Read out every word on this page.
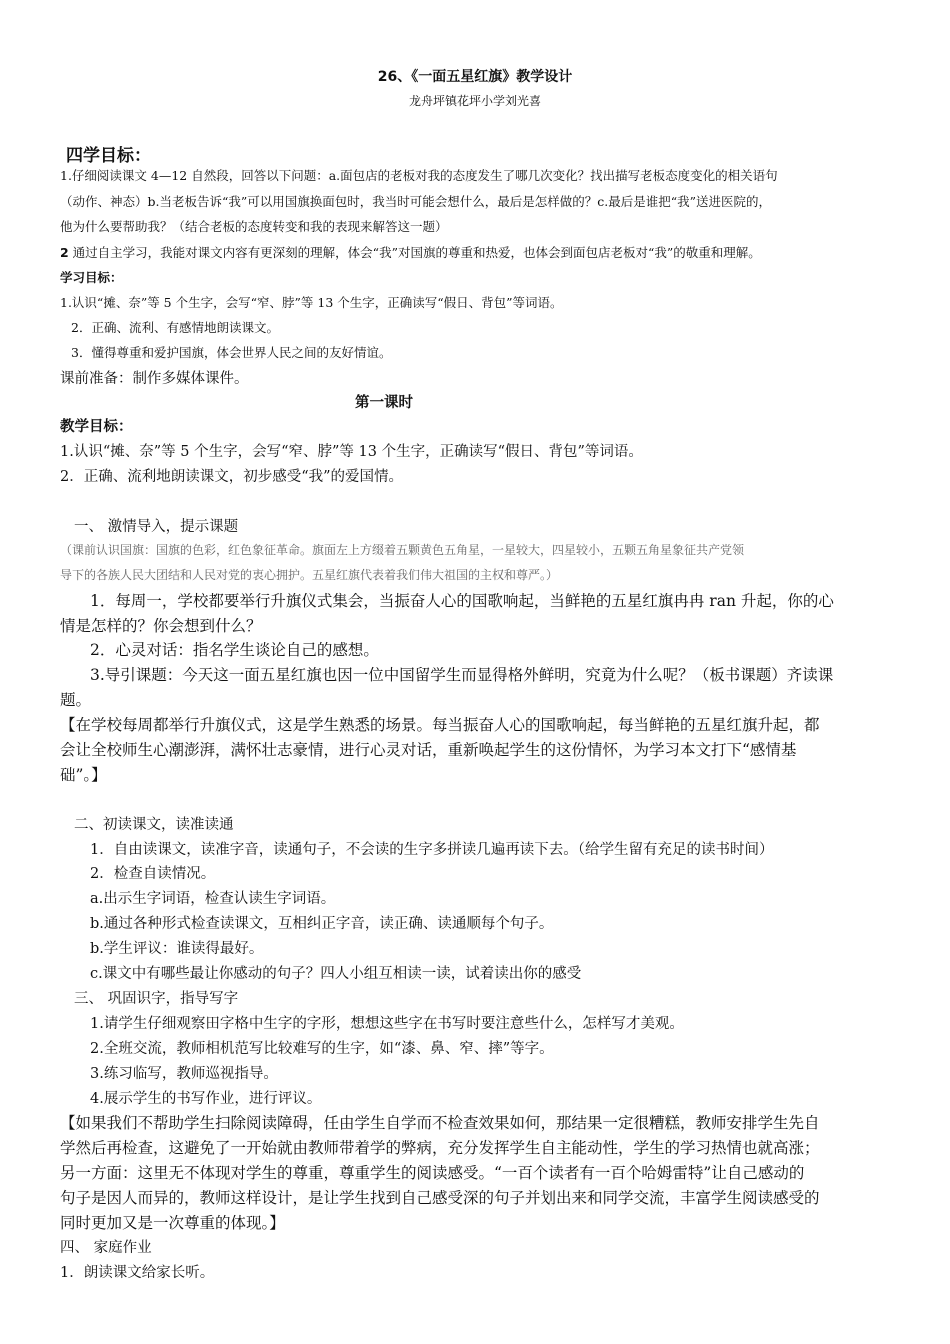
26、《一面五星红旗》教学设计
龙舟坪镇花坪小学刘光喜
四学目标：
1.仔细阅读课文 4—12 自然段，回答以下问题：a.面包店的老板对我的态度发生了哪几次变化？找出描写老板态度变化的相关语句
（动作、神态）b.当老板告诉“我”可以用国旗换面包时，我当时可能会想什么，最后是怎样做的？c.最后是谁把“我”送进医院的，
他为什么要帮助我？（结合老板的态度转变和我的表现来解答这一题）
2 通过自主学习，我能对课文内容有更深刻的理解，体会“我”对国旗的尊重和热爱，也体会到面包店老板对“我”的敬重和理解。
学习目标：
1.认识“摊、奈”等 5 个生字，会写“窄、脖”等 13 个生字，正确读写“假日、背包”等词语。
2．正确、流利、有感情地朗读课文。
3．懂得尊重和爱护国旗，体会世界人民之间的友好情谊。
课前准备：制作多媒体课件。
第一课时
教学目标：
1.认识“摊、奈”等 5 个生字，会写“窄、脖”等 13 个生字，正确读写“假日、背包”等词语。
2．正确、流利地朗读课文，初步感受“我”的爱国情。
一、 激情导入，提示课题
（课前认识国旗：国旗的色彩，红色象征革命。旗面左上方缀着五颗黄色五角星，一星较大，四星较小，五颗五角星象征共产党领
导下的各族人民大团结和人民对党的衷心拥护。五星红旗代表着我们伟大祖国的主权和尊严。）
1．每周一，学校都要举行升旗仪式集会，当振奋人心的国歌响起，当鲜艳的五星红旗冉冉 ran 升起，你的心
情是怎样的？你会想到什么？
2．心灵对话：指名学生谈论自己的感想。
3.导引课题：今天这一面五星红旗也因一位中国留学生而显得格外鲜明，究竟为什么呢？（板书课题）齐读课
题。
【在学校每周都举行升旗仪式，这是学生熟悉的场景。每当振奋人心的国歌响起，每当鲜艳的五星红旗升起，都
会让全校师生心潮澎湃，满怀壮志豪情，进行心灵对话，重新唤起学生的这份情怀，为学习本文打下“感情基
础”。】
二、初读课文，读准读通
1．自由读课文，读准字音，读通句子，不会读的生字多拼读几遍再读下去。（给学生留有充足的读书时间）
2．检查自读情况。
a.出示生字词语，检查认读生字词语。
b.通过各种形式检查读课文，互相纠正字音，读正确、读通顺每个句子。
b.学生评议：谁读得最好。
c.课文中有哪些最让你感动的句子？四人小组互相读一读，试着读出你的感受
三、 巩固识字，指导写字
1.请学生仔细观察田字格中生字的字形，想想这些字在书写时要注意些什么，怎样写才美观。
2.全班交流，教师相机范写比较难写的生字，如“漆、鼻、窄、摔”等字。
3.练习临写，教师巡视指导。
4.展示学生的书写作业，进行评议。
【如果我们不帮助学生扫除阅读障碍，任由学生自学而不检查效果如何，那结果一定很糟糕，教师安排学生先自
学然后再检查，这避免了一开始就由教师带着学的弊病，充分发挥学生自主能动性，学生的学习热情也就高涨；
另一方面：这里无不体现对学生的尊重，尊重学生的阅读感受。“一百个读者有一百个哈姆雷特”让自己感动的
句子是因人而异的，教师这样设计，是让学生找到自己感受深的句子并划出来和同学交流，丰富学生阅读感受的
同时更加又是一次尊重的体现。】
四、 家庭作业
1．朗读课文给家长听。
